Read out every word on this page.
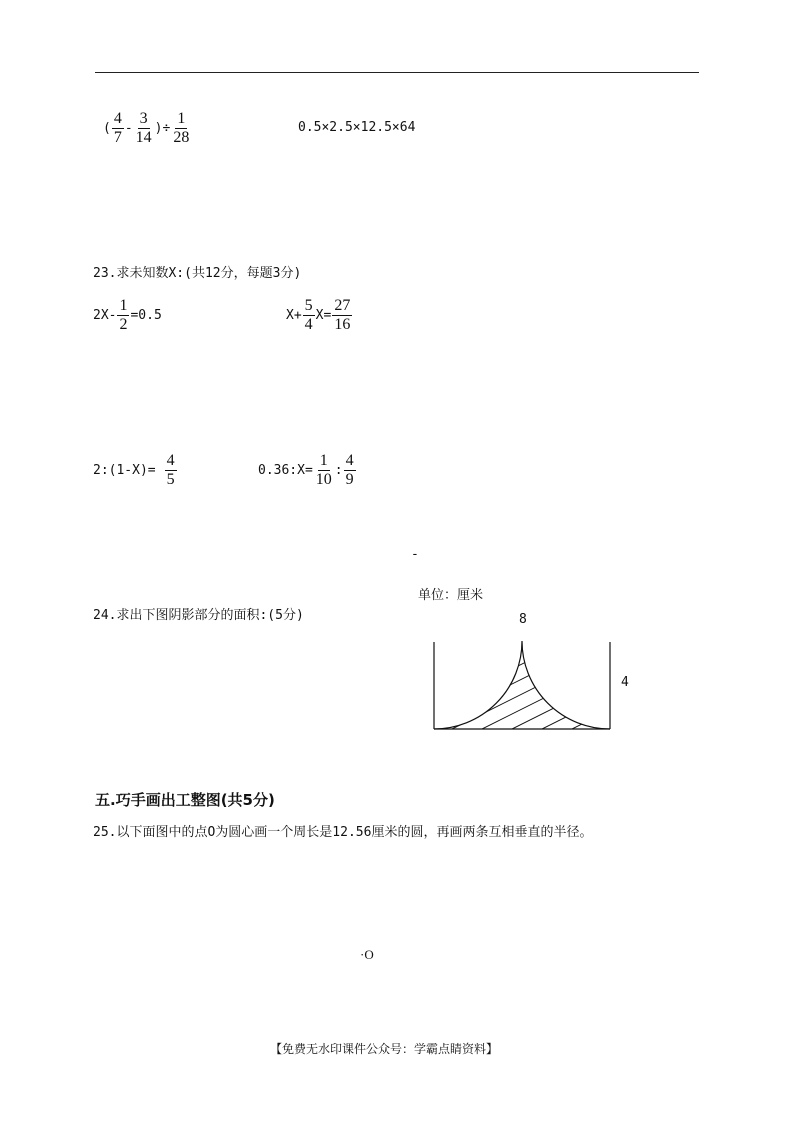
( $\frac{4}{7} - \frac{3}{14}$ )÷ $\frac{1}{28}$	0.5×2.5×12.5×64
23.求未知数X:(共12分，每题3分)
$2X- \frac{1}{2} =0.5$	$X+ \frac{5}{4} X= \frac{27}{16}$
2:(1-X)= $\frac{4}{5}$	0.36:X= $\frac{1}{10}$ : $\frac{4}{9}$
-
单位：厘米
24.求出下图阴影部分的面积:(5分)	8
4
五.巧手画出工整图(共5分)
25.以下面图中的点O为圆心画一个周长是12.56厘米的圆，再画两条互相垂直的半径。
·O
【免费无水印课件公众号：学霸点睛资料】
